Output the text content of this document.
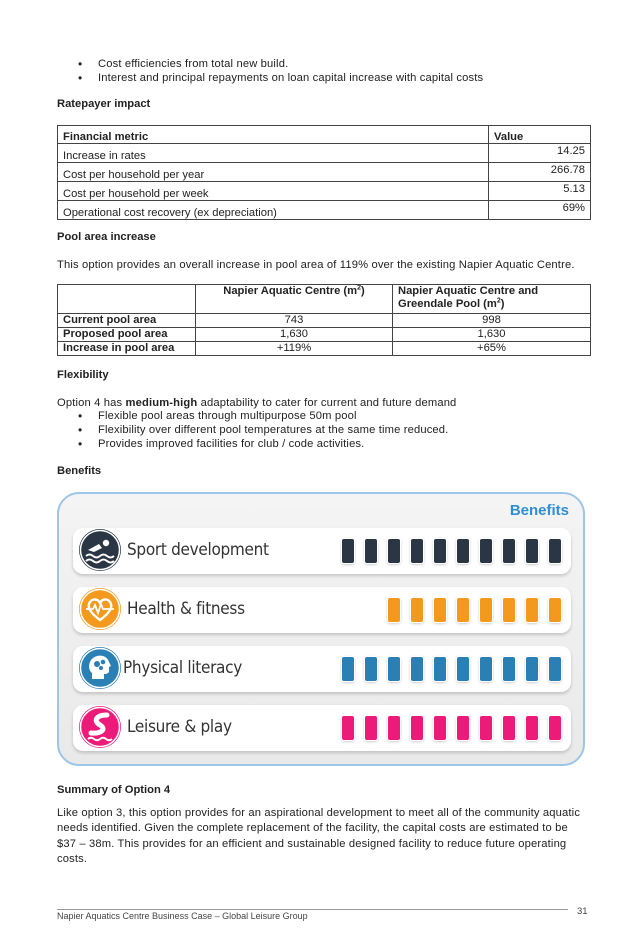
• Cost efficiencies from total new build.
• Interest and principal repayments on loan capital increase with capital costs
Ratepayer impact
Financial metric	Value
Increase in rates	14.25
Cost per household per year	266.78
Cost per household per week	5.13
Operational cost recovery (ex depreciation)	69%
Pool area increase
This option provides an overall increase in pool area of 119% over the existing Napier Aquatic Centre.
	Napier Aquatic Centre $(m^2)$	Napier Aquatic Centre and Greendale Pool $(m^2)$
Current pool area	743	998
Proposed pool area	1,630	1,630
Increase in pool area	+119%	+65%
Flexibility
Option 4 has medium-high adaptability to cater for current and future demand
• Flexible pool areas through multipurpose 50m pool
• Flexibility over different pool temperatures at the same time reduced.
• Provides improved facilities for club / code activities.
Benefits
Benefits
Sport development
Health & fitness
Physical literacy
Leisure & play
Summary of Option 4
Like option 3, this option provides for an aspirational development to meet all of the community aquatic needs identified. Given the complete replacement of the facility, the capital costs are estimated to be $37 – 38m. This provides for an efficient and sustainable designed facility to reduce future operating costs.
Napier Aquatics Centre Business Case – Global Leisure Group	31
